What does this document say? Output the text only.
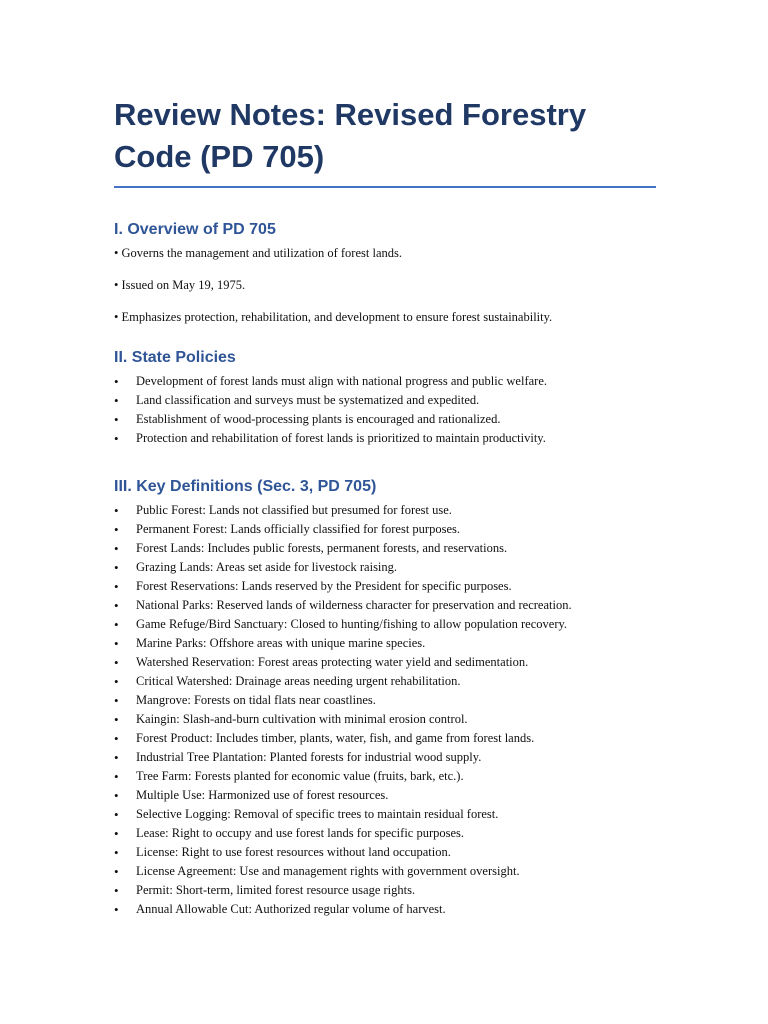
Review Notes: Revised Forestry Code (PD 705)
I. Overview of PD 705
• Governs the management and utilization of forest lands.
• Issued on May 19, 1975.
• Emphasizes protection, rehabilitation, and development to ensure forest sustainability.
II. State Policies
• Development of forest lands must align with national progress and public welfare.
• Land classification and surveys must be systematized and expedited.
• Establishment of wood-processing plants is encouraged and rationalized.
• Protection and rehabilitation of forest lands is prioritized to maintain productivity.
III. Key Definitions (Sec. 3, PD 705)
• Public Forest: Lands not classified but presumed for forest use.
• Permanent Forest: Lands officially classified for forest purposes.
• Forest Lands: Includes public forests, permanent forests, and reservations.
• Grazing Lands: Areas set aside for livestock raising.
• Forest Reservations: Lands reserved by the President for specific purposes.
• National Parks: Reserved lands of wilderness character for preservation and recreation.
• Game Refuge/Bird Sanctuary: Closed to hunting/fishing to allow population recovery.
• Marine Parks: Offshore areas with unique marine species.
• Watershed Reservation: Forest areas protecting water yield and sedimentation.
• Critical Watershed: Drainage areas needing urgent rehabilitation.
• Mangrove: Forests on tidal flats near coastlines.
• Kaingin: Slash-and-burn cultivation with minimal erosion control.
• Forest Product: Includes timber, plants, water, fish, and game from forest lands.
• Industrial Tree Plantation: Planted forests for industrial wood supply.
• Tree Farm: Forests planted for economic value (fruits, bark, etc.).
• Multiple Use: Harmonized use of forest resources.
• Selective Logging: Removal of specific trees to maintain residual forest.
• Lease: Right to occupy and use forest lands for specific purposes.
• License: Right to use forest resources without land occupation.
• License Agreement: Use and management rights with government oversight.
• Permit: Short-term, limited forest resource usage rights.
• Annual Allowable Cut: Authorized regular volume of harvest.
